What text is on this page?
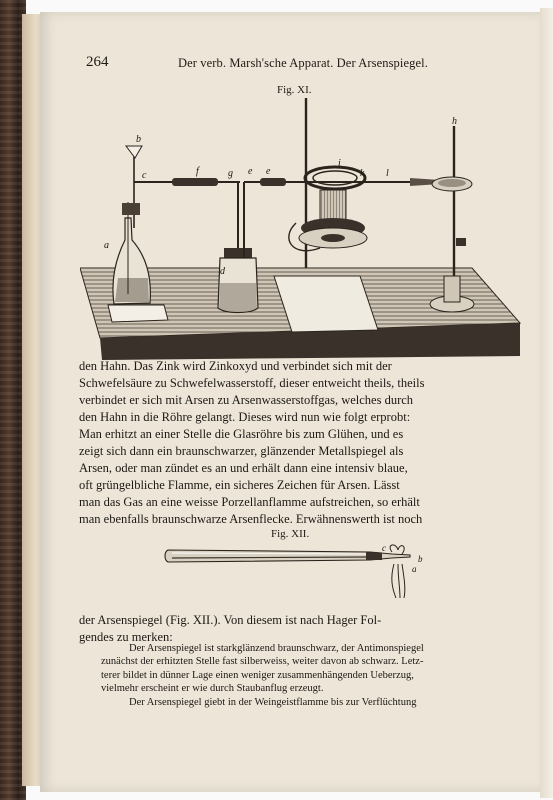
264	Der verb. Marsh'sche Apparat. Der Arsenspiegel.
Fig. XI.
b
a
c
d
e
f	g	e
h
i
k l
den Hahn. Das Zink wird Zinkoxyd und verbindet sich mit der
Schwefelsäure zu Schwefelwasserstoff, dieser entweicht theils, theils
verbindet er sich mit Arsen zu Arsenwasserstoffgas, welches durch
den Hahn in die Röhre gelangt. Dieses wird nun wie folgt erprobt:
Man erhitzt an einer Stelle die Glasröhre bis zum Glühen, und es
zeigt sich dann ein braunschwarzer, glänzender Metallspiegel als
Arsen, oder man zündet es an und erhält dann eine intensiv blaue,
oft grüngelbliche Flamme, ein sicheres Zeichen für Arsen. Lässt
man das Gas an eine weisse Porzellanflamme aufstreichen, so erhält
man ebenfalls braunschwarze Arsenflecke. Erwähnenswerth ist noch
Fig. XII.
c
b
a
der Arsenspiegel (Fig. XII.). Von diesem ist nach Hager Fol-
gendes zu merken:
Der Arsenspiegel ist starkglänzend braunschwarz, der Antimonspiegel
zunächst der erhitzten Stelle fast silberweiss, weiter davon ab schwarz. Letz-
terer bildet in dünner Lage einen weniger zusammenhängenden Ueberzug,
vielmehr erscheint er wie durch Staubanflug erzeugt.
Der Arsenspiegel giebt in der Weingeistflamme bis zur Verflüchtung
